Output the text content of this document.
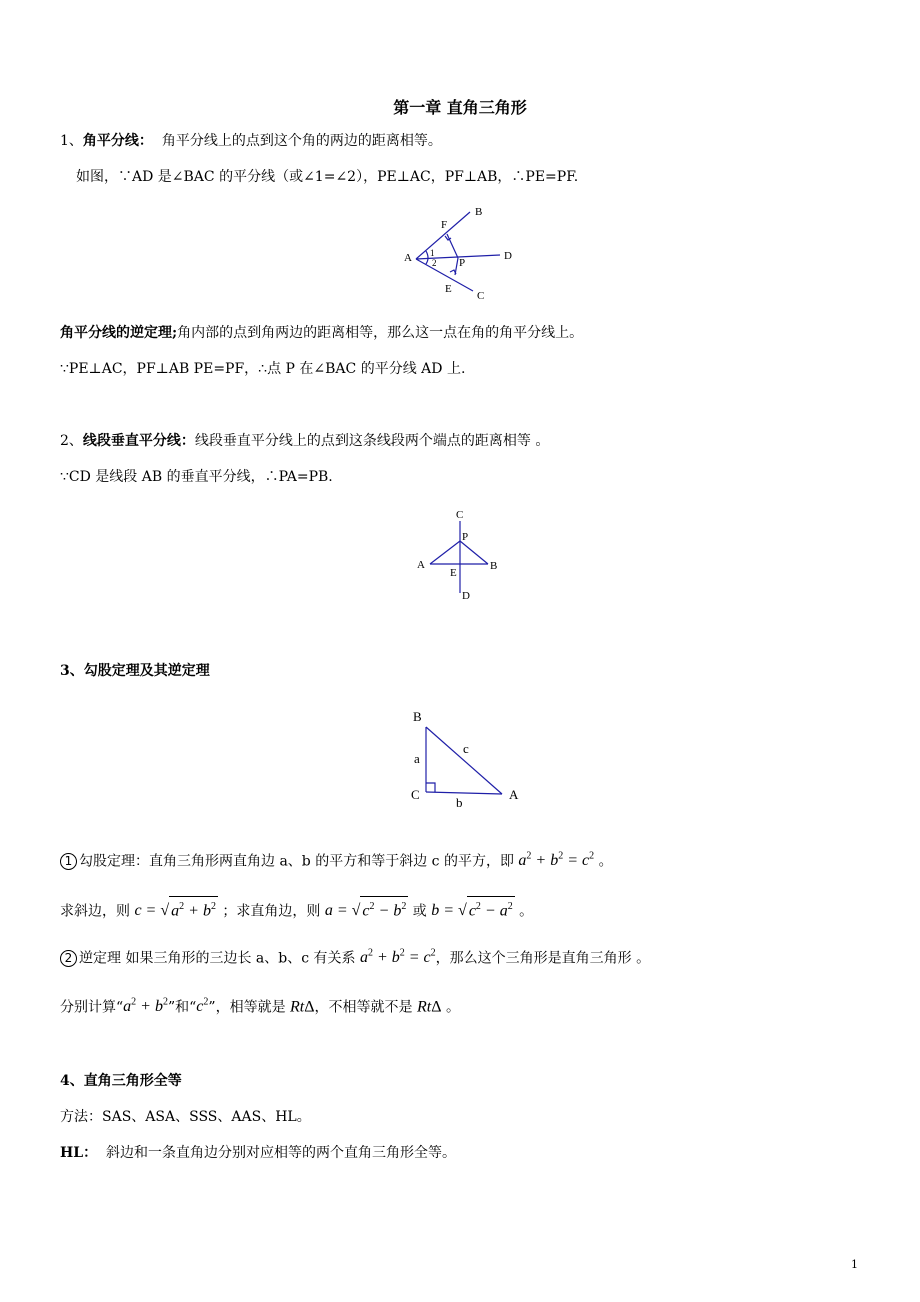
第一章 直角三角形
1、角平分线： 角平分线上的点到这个角的两边的距离相等。
如图，∵AD 是∠BAC 的平分线（或∠1=∠2），PE⊥AC，PF⊥AB，∴PE=PF.
A
B
C
D
E
F
P
1
2
角平分线的逆定理;角内部的点到角两边的距离相等，那么这一点在角的角平分线上。
∵PE⊥AC，PF⊥AB PE=PF，∴点 P 在∠BAC 的平分线 AD 上.
2、线段垂直平分线：线段垂直平分线上的点到这条线段两个端点的距离相等 。
∵CD 是线段 AB 的垂直平分线，∴PA=PB.
C
P
A	B
E
D
3、勾股定理及其逆定理
B
C	A
a
b
c
1 勾股定理：直角三角形两直角边 a、b 的平方和等于斜边 c 的平方，即 $a^2 + b^2 = c^2$ 。
求斜边，则 c = √ $a^2 + b^2$ ；求直角边，则 a = √ $c^2 - b^2$ 或 b = √ $c^2 - a^2$ 。
2 逆定理 如果三角形的三边长 a、b、c 有关系 $a^2 + b^2 = c^2$，那么这个三角形是直角三角形 。
分别计算“$a^2 + b^2$”和“$c^2$”，相等就是 RtΔ，不相等就不是 RtΔ 。
4、直角三角形全等
方法：SAS、ASA、SSS、AAS、HL。
HL： 斜边和一条直角边分别对应相等的两个直角三角形全等。
1
